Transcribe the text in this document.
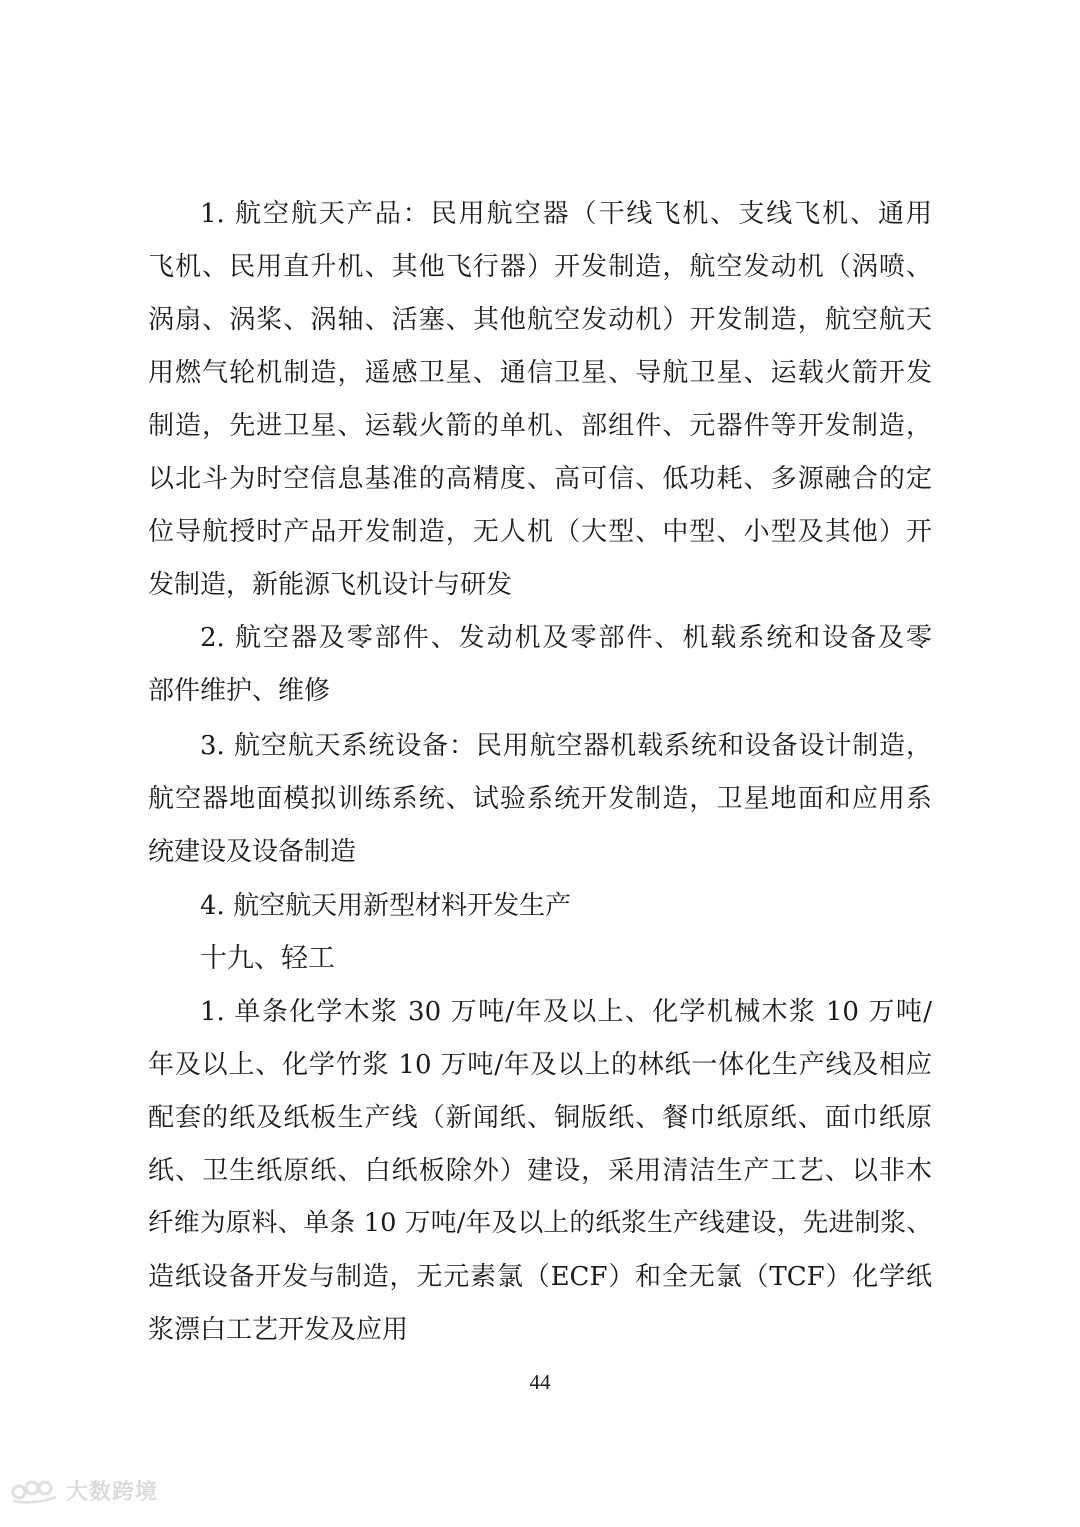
1. 航空航天产品：民用航空器（干线飞机、支线飞机、通用
飞机、民用直升机、其他飞行器）开发制造，航空发动机（涡喷、
涡扇、涡桨、涡轴、活塞、其他航空发动机）开发制造，航空航天
用燃气轮机制造，遥感卫星、通信卫星、导航卫星、运载火箭开发
制造，先进卫星、运载火箭的单机、部组件、元器件等开发制造，
以北斗为时空信息基准的高精度、高可信、低功耗、多源融合的定
位导航授时产品开发制造，无人机（大型、中型、小型及其他）开
发制造，新能源飞机设计与研发
2. 航空器及零部件、发动机及零部件、机载系统和设备及零
部件维护、维修
3. 航空航天系统设备：民用航空器机载系统和设备设计制造，
航空器地面模拟训练系统、试验系统开发制造，卫星地面和应用系
统建设及设备制造
4. 航空航天用新型材料开发生产
十九、轻工
1. 单条化学木浆 30 万吨/年及以上、化学机械木浆 10 万吨/
年及以上、化学竹浆 10 万吨/年及以上的林纸一体化生产线及相应
配套的纸及纸板生产线（新闻纸、铜版纸、餐巾纸原纸、面巾纸原
纸、卫生纸原纸、白纸板除外）建设，采用清洁生产工艺、以非木
纤维为原料、单条 10 万吨/年及以上的纸浆生产线建设，先进制浆、
造纸设备开发与制造，无元素氯（ECF）和全无氯（TCF）化学纸
浆漂白工艺开发及应用
44
大数跨境
